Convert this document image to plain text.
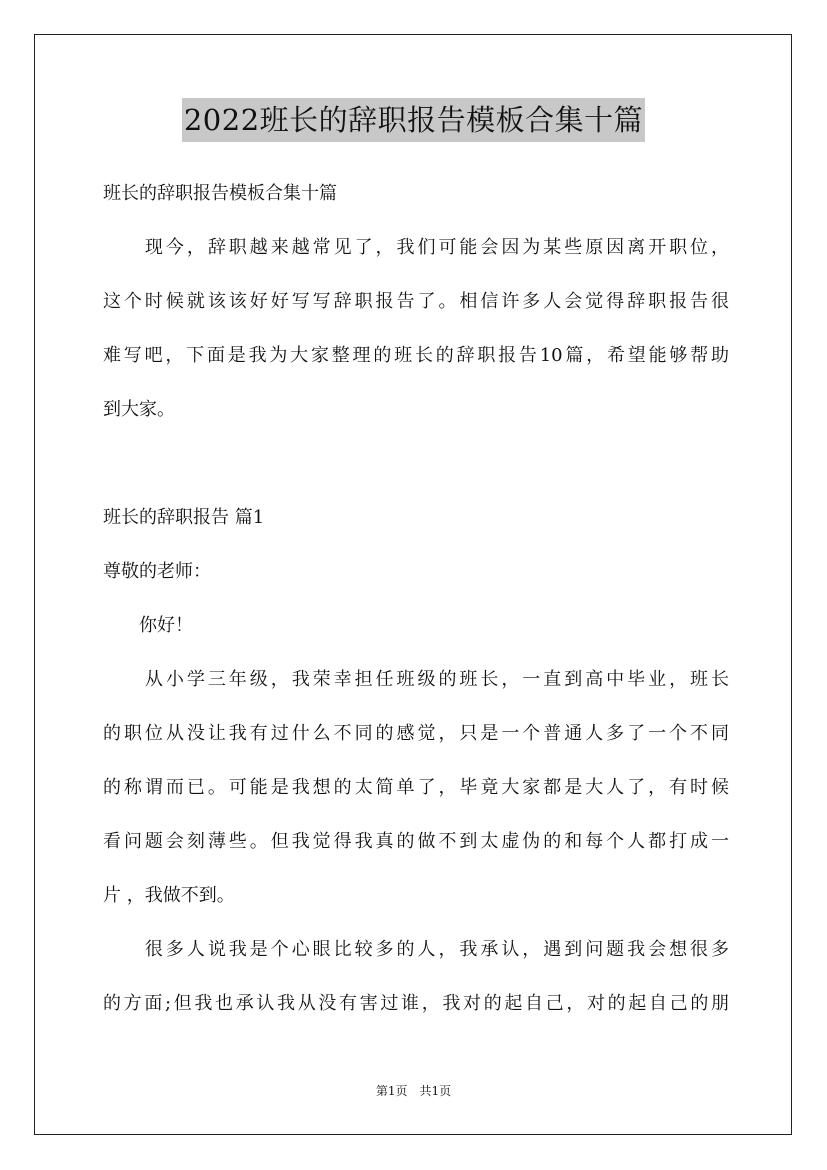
2022班长的辞职报告模板合集十篇
班长的辞职报告模板合集十篇
　　现今，辞职越来越常见了，我们可能会因为某些原因离开职位，
这个时候就该该好好写写辞职报告了。相信许多人会觉得辞职报告很
难写吧，下面是我为大家整理的班长的辞职报告10篇，希望能够帮助
到大家。
班长的辞职报告 篇1
尊敬的老师：
　　你好！
　　从小学三年级，我荣幸担任班级的班长，一直到高中毕业，班长
的职位从没让我有过什么不同的感觉，只是一个普通人多了一个不同
的称谓而已。可能是我想的太简单了，毕竟大家都是大人了，有时候
看问题会刻薄些。但我觉得我真的做不到太虚伪的和每个人都打成一
片 ，我做不到。
　　很多人说我是个心眼比较多的人，我承认，遇到问题我会想很多
的方面;但我也承认我从没有害过谁，我对的起自己，对的起自己的朋
第1页　共1页
